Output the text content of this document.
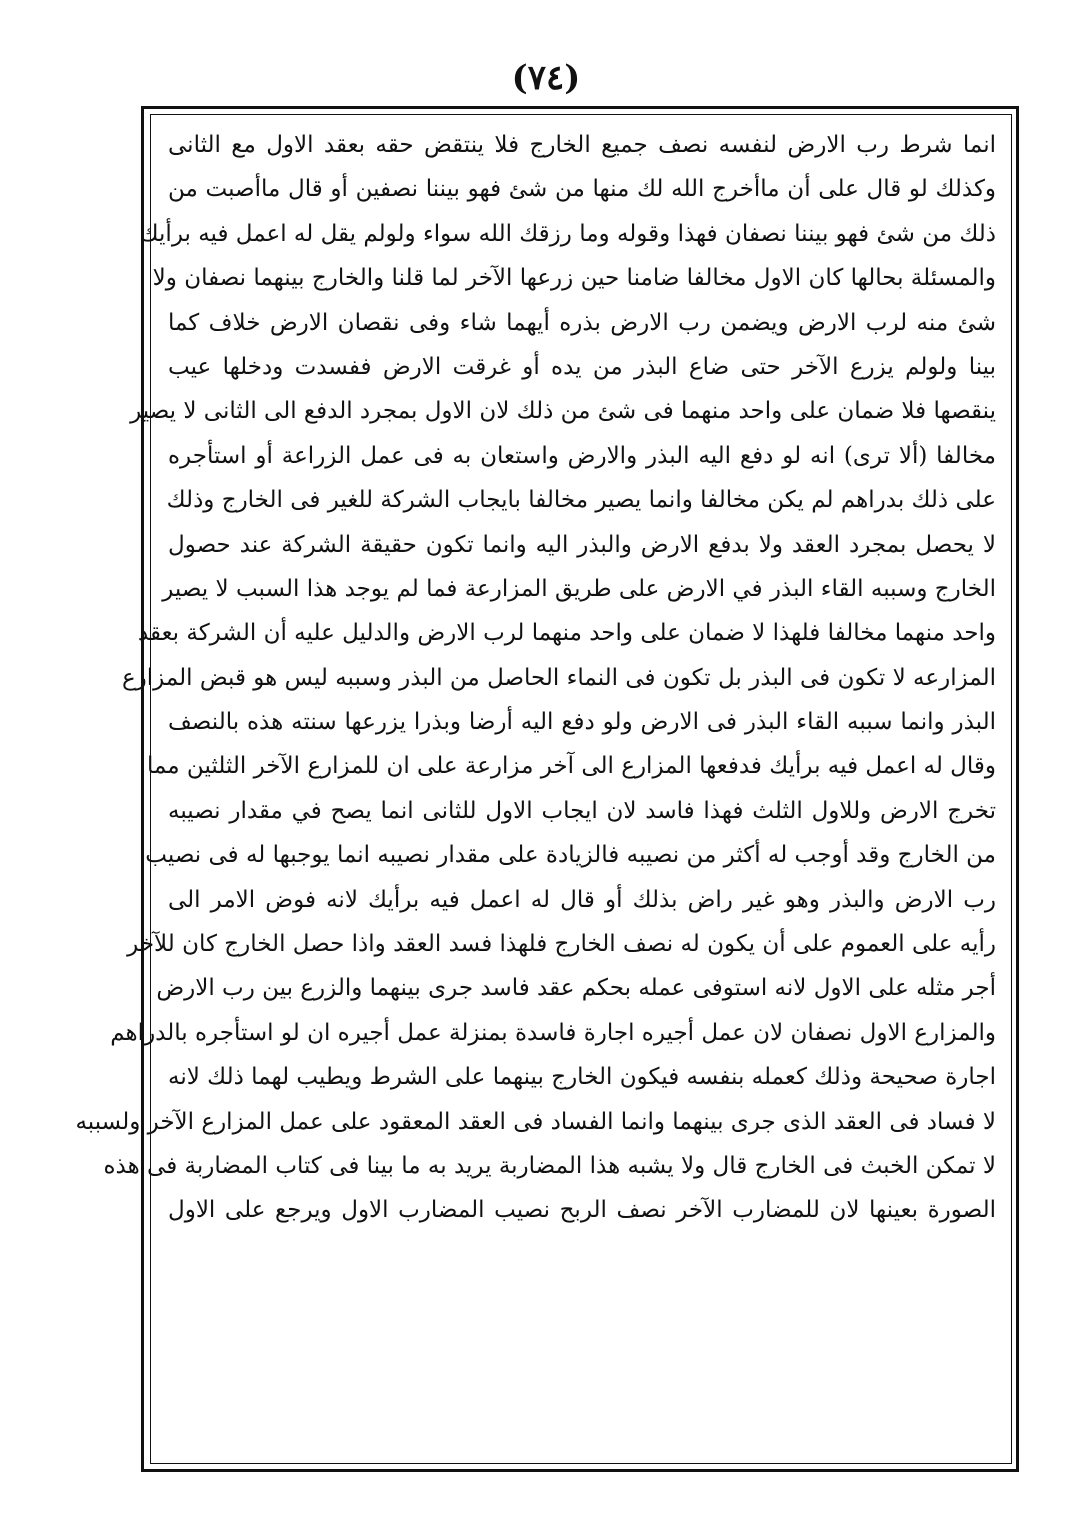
(٧٤)
انما شرط رب الارض لنفسه نصف جميع الخارج فلا ينتقض حقه بعقد الاول مع الثانى
وكذلك لو قال على أن ماأخرج الله لك منها من شئ فهو بيننا نصفين أو قال ماأصبت من
ذلك من شئ فهو بيننا نصفان فهذا وقوله وما رزقك الله سواء ولولم يقل له اعمل فيه برأيك
والمسئلة بحالها كان الاول مخالفا ضامنا حين زرعها الآخر لما قلنا والخارج بينهما نصفان ولا
شئ منه لرب الارض ويضمن رب الارض بذره أيهما شاء وفى نقصان الارض خلاف كما
بينا ولولم يزرع الآخر حتى ضاع البذر من يده أو غرقت الارض ففسدت ودخلها عيب
ينقصها فلا ضمان على واحد منهما فى شئ من ذلك لان الاول بمجرد الدفع الى الثانى لا يصير
مخالفا (ألا ترى) انه لو دفع اليه البذر والارض واستعان به فى عمل الزراعة أو استأجره
على ذلك بدراهم لم يكن مخالفا وانما يصير مخالفا بايجاب الشركة للغير فى الخارج وذلك
لا يحصل بمجرد العقد ولا بدفع الارض والبذر اليه وانما تكون حقيقة الشركة عند حصول
الخارج وسببه القاء البذر في الارض على طريق المزارعة فما لم يوجد هذا السبب لا يصير
واحد منهما مخالفا فلهذا لا ضمان على واحد منهما لرب الارض والدليل عليه أن الشركة بعقد
المزارعه لا تكون فى البذر بل تكون فى النماء الحاصل من البذر وسببه ليس هو قبض المزارع
البذر وانما سببه القاء البذر فى الارض ولو دفع اليه أرضا وبذرا يزرعها سنته هذه بالنصف
وقال له اعمل فيه برأيك فدفعها المزارع الى آخر مزارعة على ان للمزارع الآخر الثلثين مما
تخرج الارض وللاول الثلث فهذا فاسد لان ايجاب الاول للثانى انما يصح في مقدار نصيبه
من الخارج وقد أوجب له أكثر من نصيبه فالزيادة على مقدار نصيبه انما يوجبها له فى نصيب
رب الارض والبذر وهو غير راض بذلك أو قال له اعمل فيه برأيك لانه فوض الامر الى
رأيه على العموم على أن يكون له نصف الخارج فلهذا فسد العقد واذا حصل الخارج كان للآخر
أجر مثله على الاول لانه استوفى عمله بحكم عقد فاسد جرى بينهما والزرع بين رب الارض
والمزارع الاول نصفان لان عمل أجيره اجارة فاسدة بمنزلة عمل أجيره ان لو استأجره بالدراهم
اجارة صحيحة وذلك كعمله بنفسه فيكون الخارج بينهما على الشرط ويطيب لهما ذلك لانه
لا فساد فى العقد الذى جرى بينهما وانما الفساد فى العقد المعقود على عمل المزارع الآخر ولسببه
لا تمكن الخبث فى الخارج قال ولا يشبه هذا المضاربة يريد به ما بينا فى كتاب المضاربة فى هذه
الصورة بعينها لان للمضارب الآخر نصف الربح نصيب المضارب الاول ويرجع على الاول
